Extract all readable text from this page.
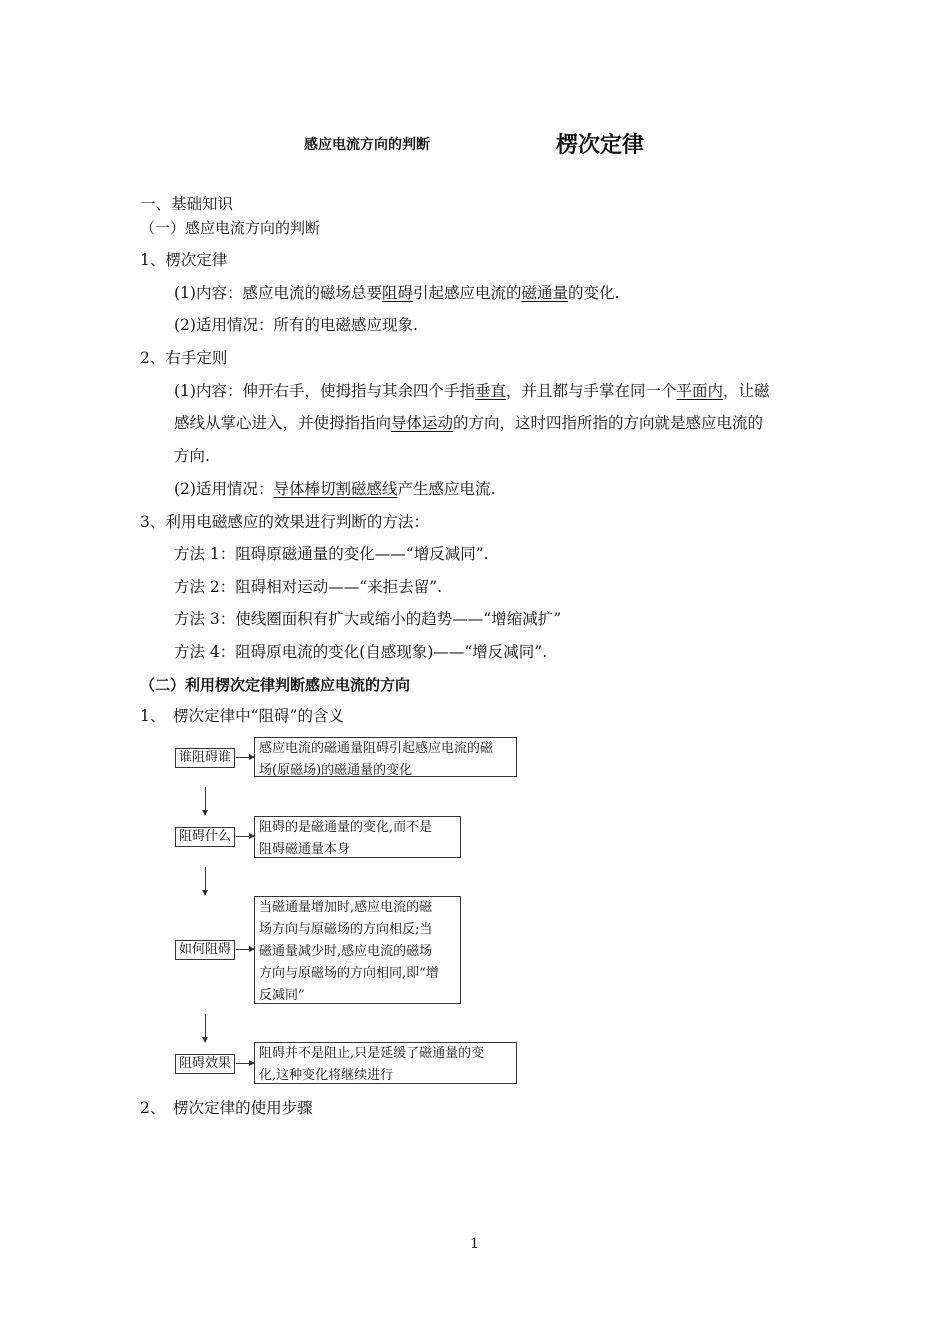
感应电流方向的判断	楞次定律
一、基础知识
（一）感应电流方向的判断
1、楞次定律
(1)内容：感应电流的磁场总要阻碍引起感应电流的磁通量的变化.
(2)适用情况：所有的电磁感应现象.
2、右手定则
(1)内容：伸开右手，使拇指与其余四个手指垂直，并且都与手掌在同一个平面内，让磁
感线从掌心进入，并使拇指指向导体运动的方向，这时四指所指的方向就是感应电流的
方向.
(2)适用情况：导体棒切割磁感线产生感应电流.
3、利用电磁感应的效果进行判断的方法：
方法 1：阻碍原磁通量的变化——“增反减同”.
方法 2：阻碍相对运动——“来拒去留”.
方法 3：使线圈面积有扩大或缩小的趋势——“增缩减扩”
方法 4：阻碍原电流的变化(自感现象)——“增反减同”.
（二）利用楞次定律判断感应电流的方向
1、　楞次定律中“阻碍”的含义
谁阻碍谁
感应电流的磁通量阻碍引起感应电流的磁
场(原磁场)的磁通量的变化
阻碍什么
阻碍的是磁通量的变化,而不是
阻碍磁通量本身
如何阻碍
当磁通量增加时,感应电流的磁
场方向与原磁场的方向相反;当
磁通量减少时,感应电流的磁场
方向与原磁场的方向相同,即“增
反减同”
阻碍效果
阻碍并不是阻止,只是延缓了磁通量的变
化,这种变化将继续进行
2、　楞次定律的使用步骤
1
